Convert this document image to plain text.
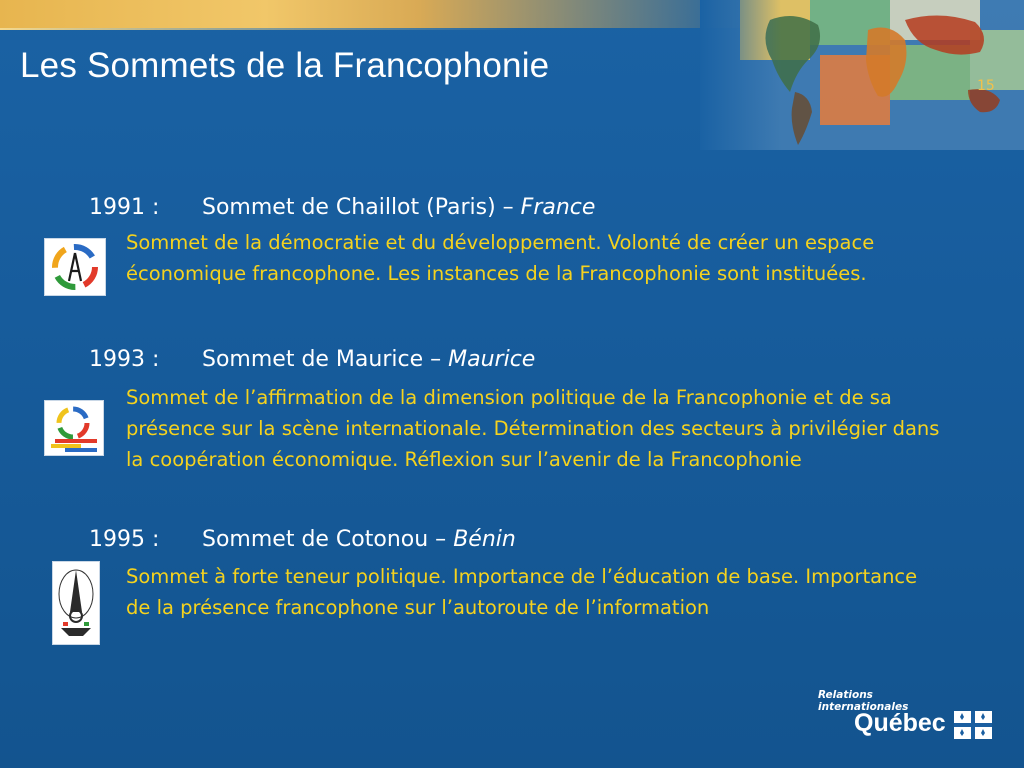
Les Sommets de la Francophonie
15
1991 : Sommet de Chaillot (Paris) – France
Sommet de la démocratie et du développement. Volonté de créer un espace économique francophone. Les instances de la Francophonie sont instituées.
1993 : Sommet de Maurice – Maurice
Sommet de l’affirmation de la dimension politique de la Francophonie et de sa présence sur la scène internationale. Détermination des secteurs à privilégier dans la coopération économique. Réflexion sur l’avenir de la Francophonie
1995 : Sommet de Cotonou – Bénin
Sommet à forte teneur politique. Importance de l’éducation de base. Importance de la présence francophone sur l’autoroute de l’information
Relations
internationales
Québec
